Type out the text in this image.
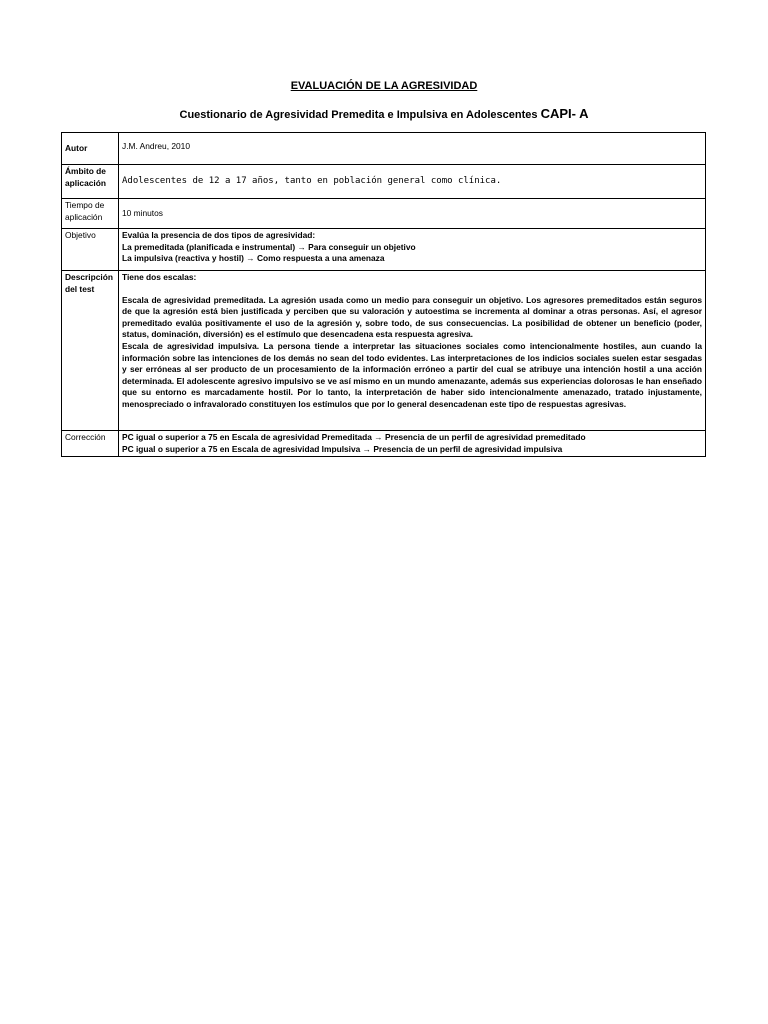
EVALUACIÓN DE LA AGRESIVIDAD
Cuestionario de Agresividad Premedita e Impulsiva en Adolescentes CAPI- A
Autor	J.M. Andreu, 2010
Ámbito de aplicación	Adolescentes de 12 a 17 años, tanto en población general como clínica.
Tiempo de aplicación	10 minutos
Objetivo	Evalúa la presencia de dos tipos de agresividad:
La premeditada (planificada e instrumental) → Para conseguir un objetivo
La impulsiva (reactiva y hostil) → Como respuesta a una amenaza

Descripción del test	Tiene dos escalas:
Escala de agresividad premeditada. La agresión usada como un medio para conseguir un objetivo. Los agresores premeditados están seguros de que la agresión está bien justificada y perciben que su valoración y autoestima se incrementa al dominar a otras personas. Así, el agresor premeditado evalúa positivamente el uso de la agresión y, sobre todo, de sus consecuencias. La posibilidad de obtener un beneficio (poder, status, dominación, diversión) es el estímulo que desencadena esta respuesta agresiva.
Escala de agresividad impulsiva. La persona tiende a interpretar las situaciones sociales como intencionalmente hostiles, aun cuando la información sobre las intenciones de los demás no sean del todo evidentes. Las interpretaciones de los indicios sociales suelen estar sesgadas y ser erróneas al ser producto de un procesamiento de la información erróneo a partir del cual se atribuye una intención hostil a una acción determinada. El adolescente agresivo impulsivo se ve así mismo en un mundo amenazante, además sus experiencias dolorosas le han enseñado que su entorno es marcadamente hostil. Por lo tanto, la interpretación de haber sido intencionalmente amenazado, tratado injustamente, menospreciado o infravalorado constituyen los estímulos que por lo general desencadenan este tipo de respuestas agresivas.

Corrección	PC igual o superior a 75 en Escala de agresividad Premeditada → Presencia de un perfil de agresividad premeditado
PC igual o superior a 75 en Escala de agresividad Impulsiva → Presencia de un perfil de agresividad impulsiva
